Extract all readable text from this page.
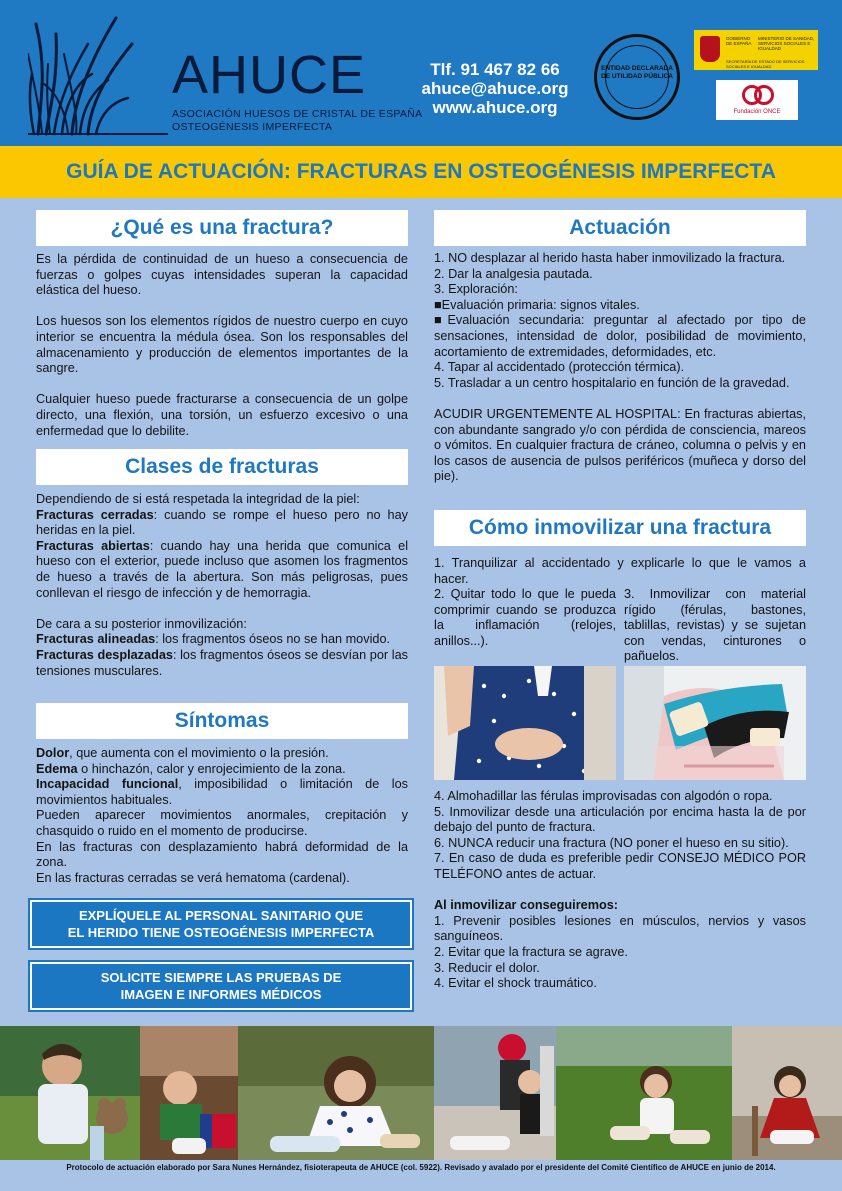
AHUCE
ASOCIACIÓN HUESOS DE CRISTAL DE ESPAÑA
OSTEOGÉNESIS IMPERFECTA
Tlf. 91 467 82 66
ahuce@ahuce.org
www.ahuce.org
ENTIDAD DECLARADA
DE UTILIDAD PÚBLICA
GOBIERNO DE ESPAÑA
MINISTERIO DE SANIDAD, SERVICIOS SOCIALES E IGUALDAD
SECRETARÍA DE ESTADO DE SERVICIOS SOCIALES E IGUALDAD
Fundación ONCE
GUÍA DE ACTUACIÓN: FRACTURAS EN OSTEOGÉNESIS IMPERFECTA
¿Qué es una fractura?

Es la pérdida de continuidad de un hueso a consecuencia de fuerzas o golpes cuyas intensidades superan la capacidad elástica del hueso.

Los huesos son los elementos rígidos de nuestro cuerpo en cuyo interior se encuentra la médula ósea. Son los responsables del almacenamiento y producción de elementos importantes de la sangre.

Cualquier hueso puede fracturarse a consecuencia de un golpe directo, una flexión, una torsión, un esfuerzo excesivo o una enfermedad que lo debilite.

Clases de fracturas

Dependiendo de si está respetada la integridad de la piel:

Fracturas cerradas: cuando se rompe el hueso pero no hay heridas en la piel.

Fracturas abiertas: cuando hay una herida que comunica el hueso con el exterior, puede incluso que asomen los fragmentos de hueso a través de la abertura. Son más peligrosas, pues conllevan el riesgo de infección y de hemorragia.

De cara a su posterior inmovilización:

Fracturas alineadas: los fragmentos óseos no se han movido.

Fracturas desplazadas: los fragmentos óseos se desvían por las tensiones musculares.

Síntomas

Dolor, que aumenta con el movimiento o la presión.

Edema o hinchazón, calor y enrojecimiento de la zona.

Incapacidad funcional, imposibilidad o limitación de los movimientos habituales.

Pueden aparecer movimientos anormales, crepitación y chasquido o ruido en el momento de producirse.

En las fracturas con desplazamiento habrá deformidad de la zona.

En las fracturas cerradas se verá hematoma (cardenal).

EXPLÍQUELE AL PERSONAL SANITARIO QUE
EL HERIDO TIENE OSTEOGÉNESIS IMPERFECTA
SOLICITE SIEMPRE LAS PRUEBAS DE
IMAGEN E INFORMES MÉDICOS
Actuación

1. NO desplazar al herido hasta haber inmovilizado la fractura.

2. Dar la analgesia pautada.

3. Exploración:

■Evaluación primaria: signos vitales.

■Evaluación secundaria: preguntar al afectado por tipo de sensaciones, intensidad de dolor, posibilidad de movimiento, acortamiento de extremidades, deformidades, etc.

4. Tapar al accidentado (protección térmica).

5. Trasladar a un centro hospitalario en función de la gravedad.

ACUDIR URGENTEMENTE AL HOSPITAL: En fracturas abiertas, con abundante sangrado y/o con pérdida de consciencia, mareos o vómitos. En cualquier fractura de cráneo, columna o pelvis y en los casos de ausencia de pulsos periféricos (muñeca y dorso del pie).

Cómo inmovilizar una fractura
1. Tranquilizar al accidentado y explicarle lo que le vamos a hacer.
2. Quitar todo lo que le pueda comprimir cuando se produzca la inflamación (relojes, anillos...).
3. Inmovilizar con material rígido (férulas, bastones, tablillas, revistas) y se sujetan con vendas, cinturones o pañuelos.

4. Almohadillar las férulas improvisadas con algodón o ropa.

5. Inmovilizar desde una articulación por encima hasta la de por debajo del punto de fractura.

6. NUNCA reducir una fractura (NO poner el hueso en su sitio).

7. En caso de duda es preferible pedir CONSEJO MÉDICO POR TELÉFONO antes de actuar.

Al inmovilizar conseguiremos:

1. Prevenir posibles lesiones en músculos, nervios y vasos sanguíneos.

2. Evitar que la fractura se agrave.

3. Reducir el dolor.

4. Evitar el shock traumático.

Protocolo de actuación elaborado por Sara Nunes Hernández, fisioterapeuta de AHUCE (col. 5922). Revisado y avalado por el presidente del Comité Científico de AHUCE en junio de 2014.
